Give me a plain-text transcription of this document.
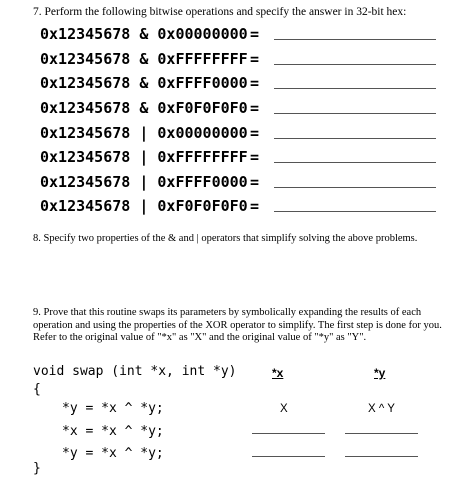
7. Perform the following bitwise operations and specify the answer in 32-bit hex:
0x12345678 & 0x00000000 =
0x12345678 & 0xFFFFFFFF =
0x12345678 & 0xFFFF0000 =
0x12345678 & 0xF0F0F0F0 =
0x12345678 | 0x00000000 =
0x12345678 | 0xFFFFFFFF =
0x12345678 | 0xFFFF0000 =
0x12345678 | 0xF0F0F0F0 =
8. Specify two properties of the & and | operators that simplify solving the above problems.
9. Prove that this routine swaps its parameters by symbolically expanding the results of each operation and using the properties of the XOR operator to simplify. The first step is done for you. Refer to the original value of "*x" as "X" and the original value of "*y" as "Y".
void swap (int *x, int *y)
{
*y = *x ^ *y;
*x = *x ^ *y;
*y = *x ^ *y;
}
*x	*y
X	X ^ Y
